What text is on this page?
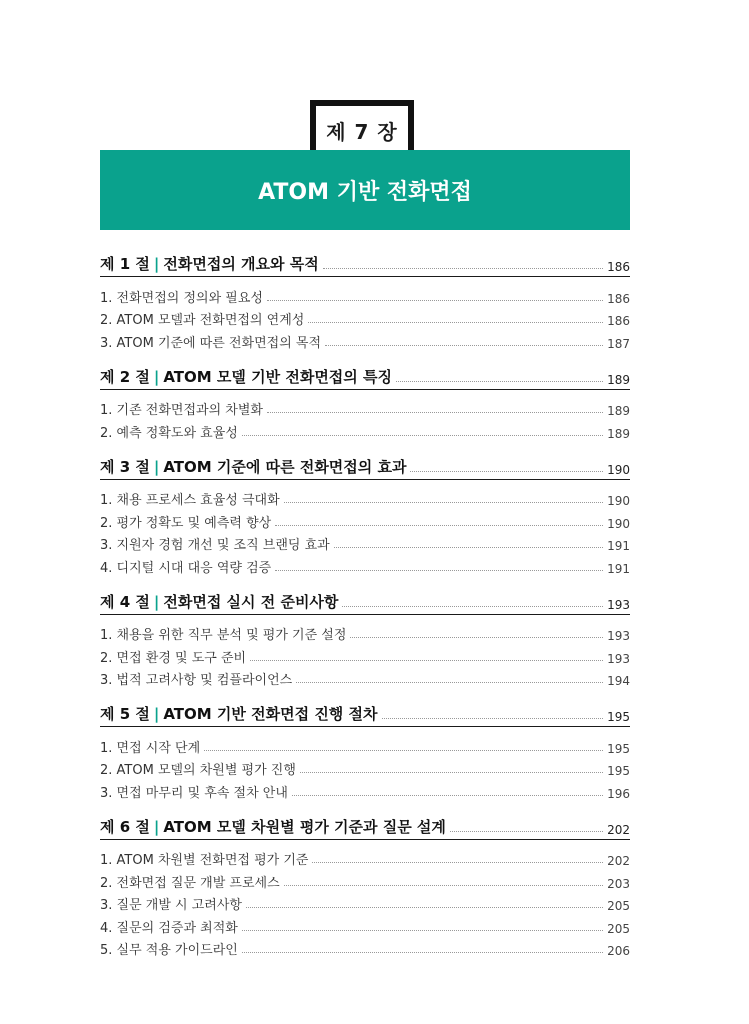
제 7 장
ATOM 기반 전화면접
제 1 절 | 전화면접의 개요와 목적	186
1. 전화면접의 정의와 필요성	186
2. ATOM 모델과 전화면접의 연계성	186
3. ATOM 기준에 따른 전화면접의 목적	187
제 2 절 | ATOM 모델 기반 전화면접의 특징	189
1. 기존 전화면접과의 차별화	189
2. 예측 정확도와 효율성	189
제 3 절 | ATOM 기준에 따른 전화면접의 효과	190
1. 채용 프로세스 효율성 극대화	190
2. 평가 정확도 및 예측력 향상	190
3. 지원자 경험 개선 및 조직 브랜딩 효과	191
4. 디지털 시대 대응 역량 검증	191
제 4 절 | 전화면접 실시 전 준비사항	193
1. 채용을 위한 직무 분석 및 평가 기준 설정	193
2. 면접 환경 및 도구 준비	193
3. 법적 고려사항 및 컴플라이언스	194
제 5 절 | ATOM 기반 전화면접 진행 절차	195
1. 면접 시작 단계	195
2. ATOM 모델의 차원별 평가 진행	195
3. 면접 마무리 및 후속 절차 안내	196
제 6 절 | ATOM 모델 차원별 평가 기준과 질문 설계	202
1. ATOM 차원별 전화면접 평가 기준	202
2. 전화면접 질문 개발 프로세스	203
3. 질문 개발 시 고려사항	205
4. 질문의 검증과 최적화	205
5. 실무 적용 가이드라인	206
